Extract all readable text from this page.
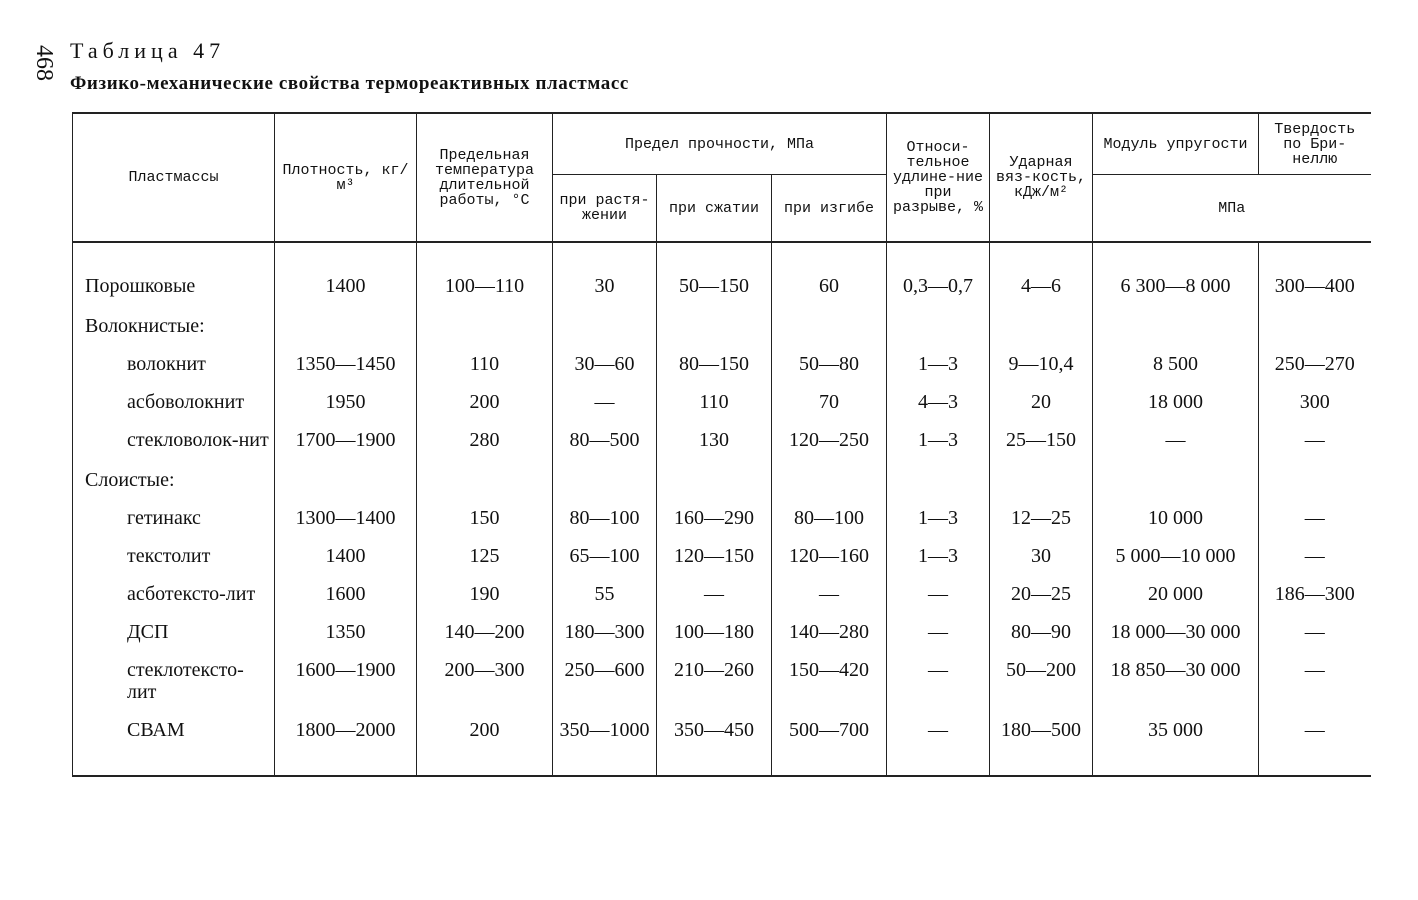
468 Таблица 47
Физико-механические свойства термореактивных пластмасс
Пластмассы	Плотность, кг/м³	Предельная температура длительной работы, °С	Предел прочности, МПа			Относи-тельное удлине-ние при разрыве, %	Ударная вяз-кость, кДж/м²	Модуль упругости	Твердость по Бри-неллю
			при растя-жении	при сжатии	при изгибе			МПа	
Порошковые	1400	100—110	30	50—150	60	0,3—0,7	4—6	6 300—8 000	300—400
Волокнистые:									
волокнит	1350—1450	110	30—60	80—150	50—80	1—3	9—10,4	8 500	250—270
асбоволокнит	1950	200	—	110	70	4—3	20	18 000	300
стекловолок-нит	1700—1900	280	80—500	130	120—250	1—3	25—150	—	—
Слоистые:									
гетинакс	1300—1400	150	80—100	160—290	80—100	1—3	12—25	10 000	—
текстолит	1400	125	65—100	120—150	120—160	1—3	30	5 000—10 000	—
асботексто-лит	1600	190	55	—	—	—	20—25	20 000	186—300
ДСП	1350	140—200	180—300	100—180	140—280	—	80—90	18 000—30 000	—
стеклотексто-лит	1600—1900	200—300	250—600	210—260	150—420	—	50—200	18 850—30 000	—
СВАМ	1800—2000	200	350—1000	350—450	500—700	—	180—500	35 000	—
